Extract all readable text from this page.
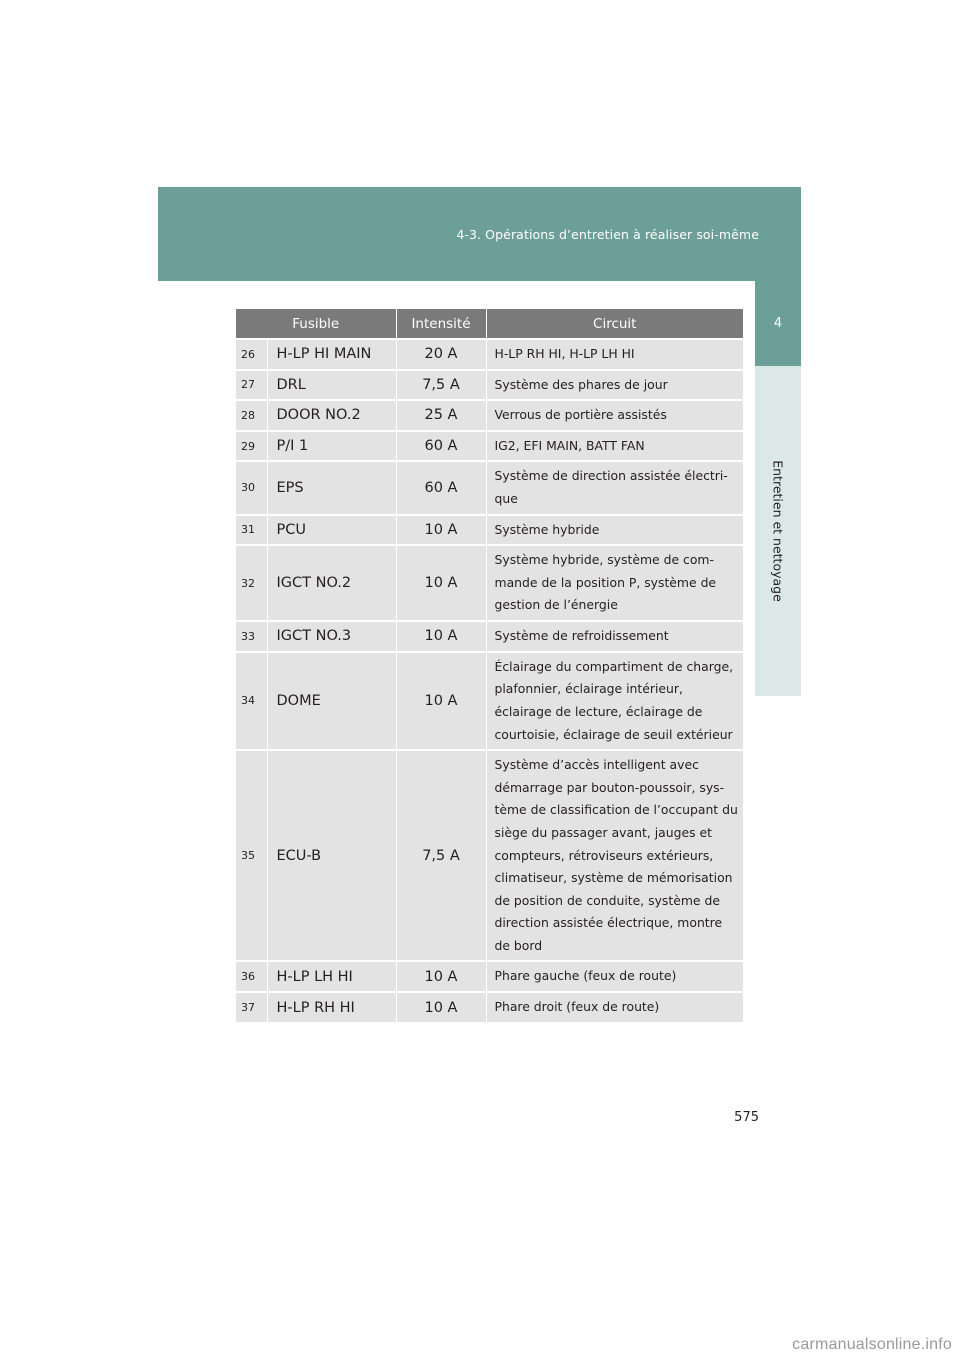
4-3. Opérations d’entretien à réaliser soi-même
4
Entretien et nettoyage
Fusible		Intensité	Circuit
26	H-LP HI MAIN	20 A	H-LP RH HI, H-LP LH HI
27	DRL	7,5 A	Système des phares de jour
28	DOOR NO.2	25 A	Verrous de portière assistés
29	P/I 1	60 A	IG2, EFI MAIN, BATT FAN
30	EPS	60 A	Système de direction assistée électri-que
31	PCU	10 A	Système hybride
32	IGCT NO.2	10 A	Système hybride, système de com-mande de la position P, système de gestion de l’énergie
33	IGCT NO.3	10 A	Système de refroidissement
34	DOME	10 A	Éclairage du compartiment de charge, plafonnier, éclairage intérieur, éclairage de lecture, éclairage de courtoisie, éclairage de seuil extérieur
35	ECU-B	7,5 A	Système d’accès intelligent avec démarrage par bouton-poussoir, sys-tème de classification de l’occupant du siège du passager avant, jauges et compteurs, rétroviseurs extérieurs, climatiseur, système de mémorisation de position de conduite, système de direction assistée électrique, montre de bord
36	H-LP LH HI	10 A	Phare gauche (feux de route)
37	H-LP RH HI	10 A	Phare droit (feux de route)
575
carmanualsonline.info
